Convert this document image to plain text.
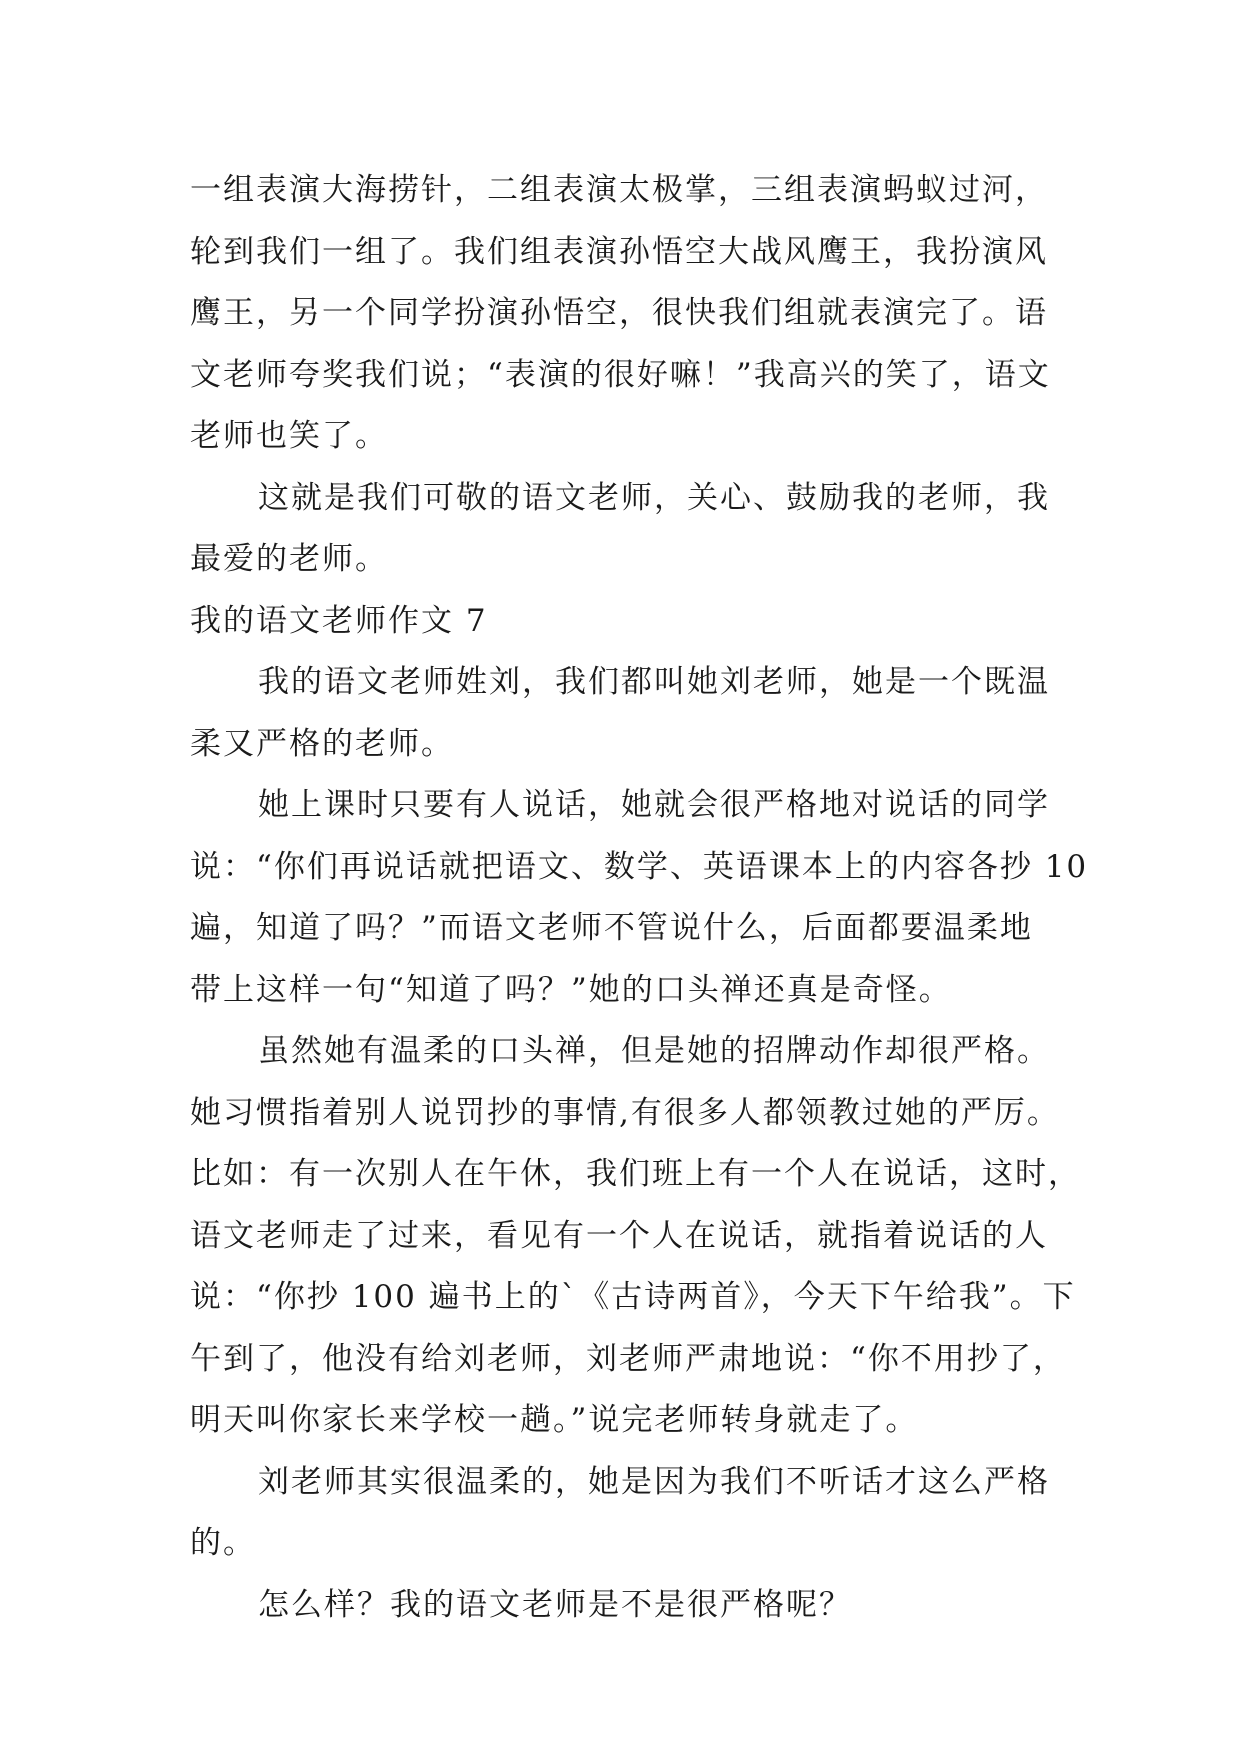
一组表演大海捞针，二组表演太极掌，三组表演蚂蚁过河，
轮到我们一组了。我们组表演孙悟空大战风鹰王，我扮演风
鹰王，另一个同学扮演孙悟空，很快我们组就表演完了。语
文老师夸奖我们说；“表演的很好嘛！”我高兴的笑了，语文
老师也笑了。
这就是我们可敬的语文老师，关心、鼓励我的老师，我
最爱的老师。
我的语文老师作文 7
我的语文老师姓刘，我们都叫她刘老师，她是一个既温
柔又严格的老师。
她上课时只要有人说话，她就会很严格地对说话的同学
说：“你们再说话就把语文、数学、英语课本上的内容各抄 10
遍，知道了吗？”而语文老师不管说什么，后面都要温柔地
带上这样一句“知道了吗？”她的口头禅还真是奇怪。
虽然她有温柔的口头禅，但是她的招牌动作却很严格。
她习惯指着别人说罚抄的事情,有很多人都领教过她的严厉。
比如：有一次别人在午休，我们班上有一个人在说话，这时，
语文老师走了过来，看见有一个人在说话，就指着说话的人
说：“你抄 100 遍书上的`《古诗两首》，今天下午给我”。下
午到了，他没有给刘老师，刘老师严肃地说：“你不用抄了，
明天叫你家长来学校一趟。”说完老师转身就走了。
刘老师其实很温柔的，她是因为我们不听话才这么严格
的。
怎么样？我的语文老师是不是很严格呢？
